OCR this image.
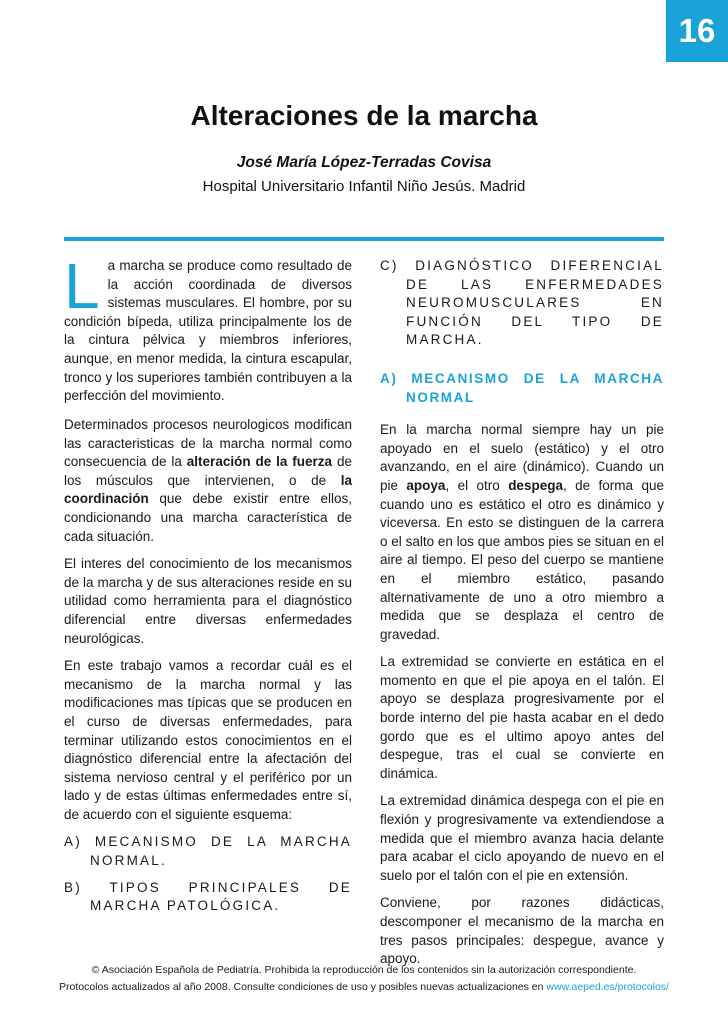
16
Alteraciones de la marcha
José María López-Terradas Covisa
Hospital Universitario Infantil Niño Jesús. Madrid

La marcha se produce como resultado de la acción coordinada de diversos sistemas musculares. El hombre, por su condición bípeda, utiliza principalmente los de la cintura pélvica y miembros inferiores, aunque, en menor medida, la cintura escapular, tronco y los superiores también contribuyen a la perfección del movimiento.

Determinados procesos neurologicos modifican las caracteristicas de la marcha normal como consecuencia de la alteración de la fuerza de los músculos que intervienen, o de la coordinación que debe existir entre ellos, condicionando una marcha característica de cada situación.

El interes del conocimiento de los mecanismos de la marcha y de sus alteraciones reside en su utilidad como herramienta para el diagnóstico diferencial entre diversas enfermedades neurológicas.

En este trabajo vamos a recordar cuál es el mecanismo de la marcha normal y las modificaciones mas típicas que se producen en el curso de diversas enfermedades, para terminar utilizando estos conocimientos en el diagnóstico diferencial entre la afectación del sistema nervioso central y el periférico por un lado y de estas últimas enfermedades entre sí, de acuerdo con el siguiente esquema:

A) MECANISMO DE LA MARCHA NORMAL.
B) TIPOS PRINCIPALES DE MARCHA PATOLÓGICA.
C) DIAGNÓSTICO DIFERENCIAL DE LAS ENFERMEDADES NEUROMUSCULARES EN FUNCIÓN DEL TIPO DE MARCHA.
A) MECANISMO DE LA MARCHA NORMAL

En la marcha normal siempre hay un pie apoyado en el suelo (estático) y el otro avanzando, en el aire (dinámico). Cuando un pie apoya, el otro despega, de forma que cuando uno es estático el otro es dinámico y viceversa. En esto se distinguen de la carrera o el salto en los que ambos pies se situan en el aire al tiempo. El peso del cuerpo se mantiene en el miembro estático, pasando alternativamente de uno a otro miembro a medida que se desplaza el centro de gravedad.

La extremidad se convierte en estática en el momento en que el pie apoya en el talón. El apoyo se desplaza progresivamente por el borde interno del pie hasta acabar en el dedo gordo que es el ultimo apoyo antes del despegue, tras el cual se convierte en dinámica.

La extremidad dinámica despega con el pie en flexión y progresivamente va extendiendose a medida que el miembro avanza hacia delante para acabar el ciclo apoyando de nuevo en el suelo por el talón con el pie en extensión.

Conviene, por razones didácticas, descomponer el mecanismo de la marcha en tres pasos principales: despegue, avance y apoyo.

© Asociación Española de Pediatría. Prohibida la reproducción de los contenidos sin la autorización correspondiente.
Protocolos actualizados al año 2008. Consulte condiciones de uso y posibles nuevas actualizaciones en www.aeped.es/protocolos/
